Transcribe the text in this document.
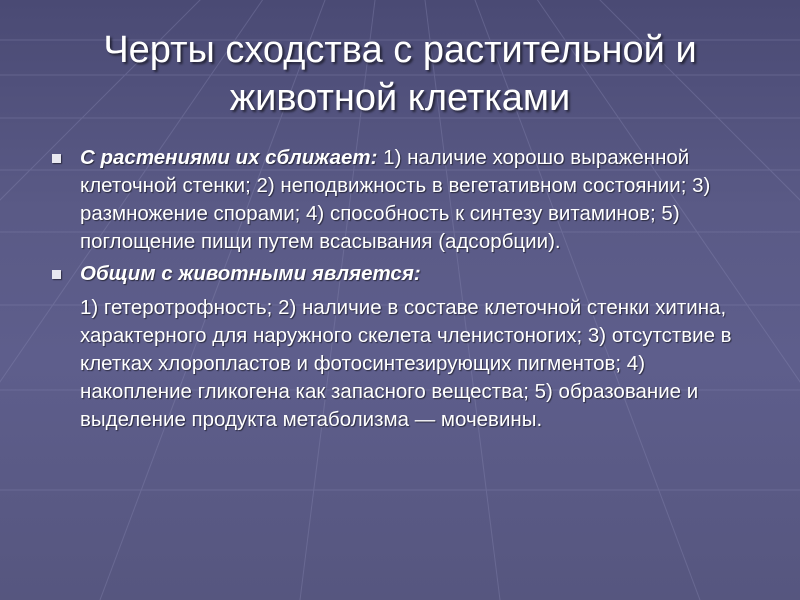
Черты сходства с растительной и животной клетками
С растениями их сближает: 1) наличие хорошо выраженной клеточной стенки; 2) неподвижность в вегетативном состоянии; 3) размножение спорами; 4) способность к синтезу витаминов; 5) поглощение пищи путем всасывания (адсорбции).
Общим с животными является:
1) гетеротрофность; 2) наличие в составе клеточной стенки хитина, характерного для наружного скелета членистоногих; 3) отсутствие в клетках хлоропластов и фотосинтезирующих пигментов; 4) накопление гликогена как запасного вещества; 5) образование и выделение продукта метаболизма — мочевины.
